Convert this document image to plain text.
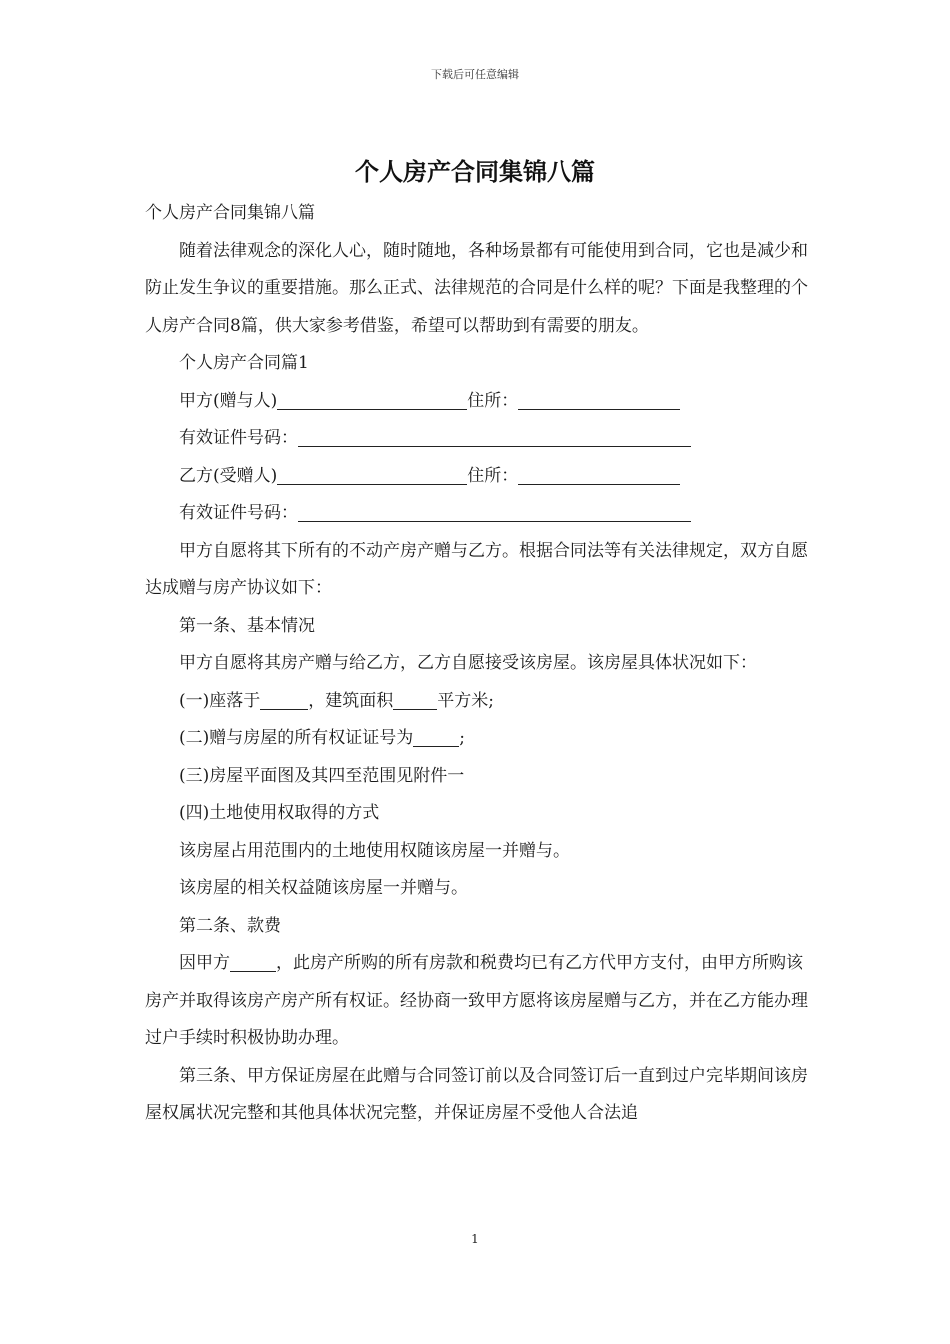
下载后可任意编辑
个人房产合同集锦八篇

个人房产合同集锦八篇

随着法律观念的深化人心，随时随地，各种场景都有可能使用到合同，它也是减少和防止发生争议的重要措施。那么正式、法律规范的合同是什么样的呢？下面是我整理的个人房产合同8篇，供大家参考借鉴，希望可以帮助到有需要的朋友。

个人房产合同篇1

甲方(赠与人)	住所：

有效证件号码：

乙方(受赠人)	住所：

有效证件号码：

甲方自愿将其下所有的不动产房产赠与乙方。根据合同法等有关法律规定，双方自愿达成赠与房产协议如下：

第一条、基本情况

甲方自愿将其房产赠与给乙方，乙方自愿接受该房屋。该房屋具体状况如下：

(一)座落于	，建筑面积	平方米;

(二)赠与房屋的所有权证证号为	;

(三)房屋平面图及其四至范围见附件一

(四)土地使用权取得的方式

该房屋占用范围内的土地使用权随该房屋一并赠与。

该房屋的相关权益随该房屋一并赠与。

第二条、款费

因甲方	，此房产所购的所有房款和税费均已有乙方代甲方支付，由甲方所购该房产并取得该房产房产所有权证。经协商一致甲方愿将该房屋赠与乙方，并在乙方能办理过户手续时积极协助办理。

第三条、甲方保证房屋在此赠与合同签订前以及合同签订后一直到过户完毕期间该房屋权属状况完整和其他具体状况完整，并保证房屋不受他人合法追

1
